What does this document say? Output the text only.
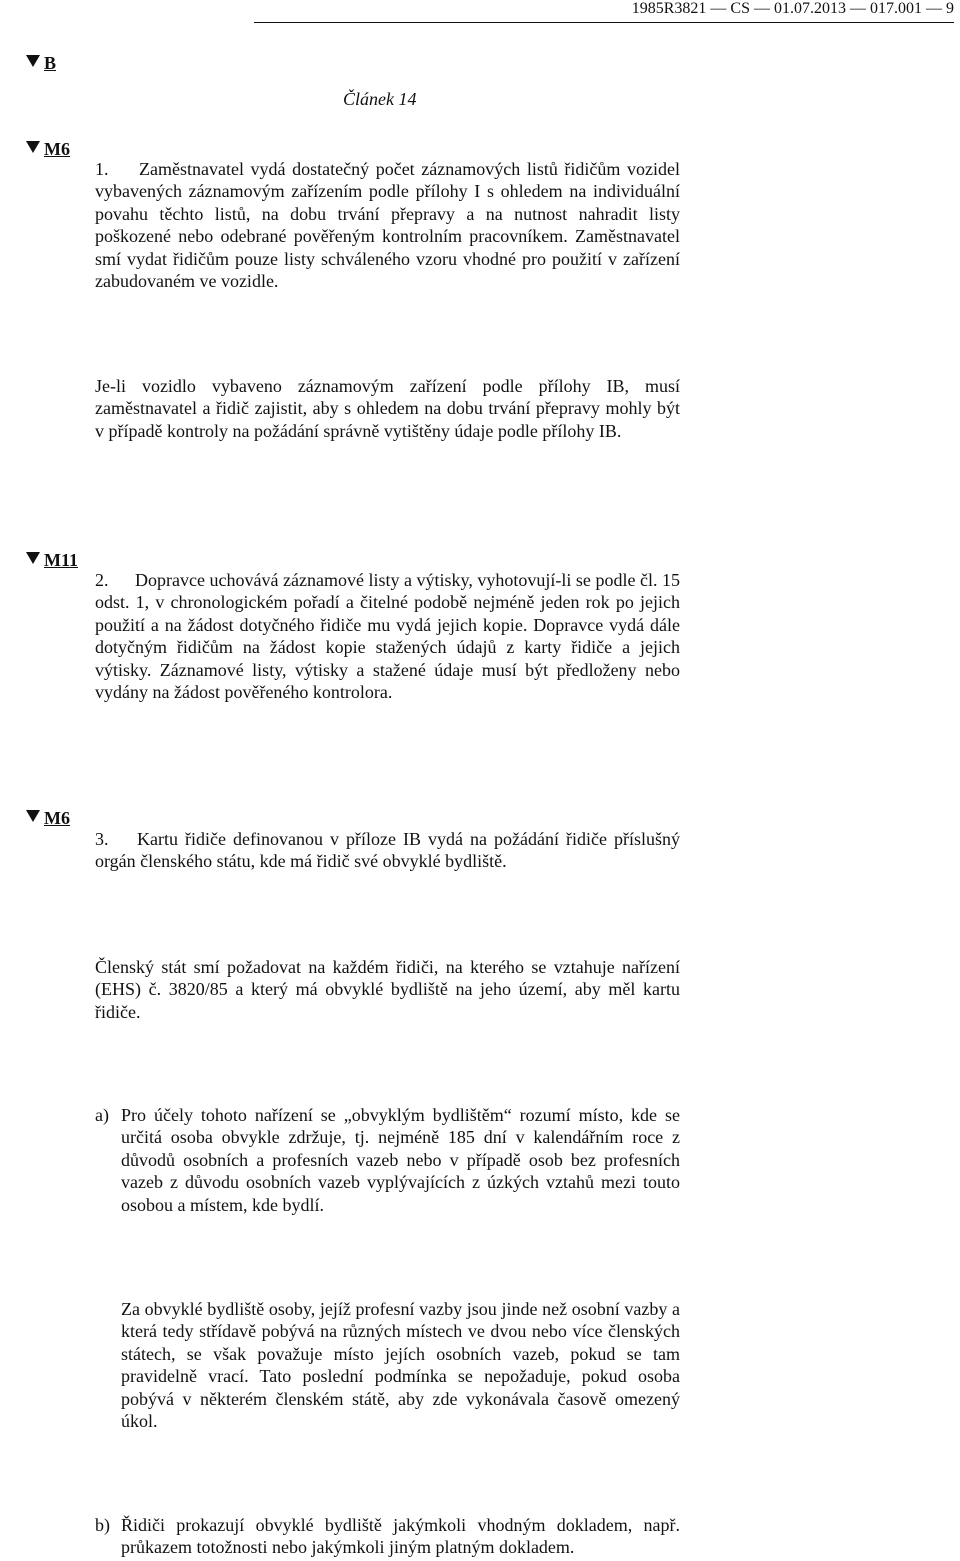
1985R3821 — CS — 01.07.2013 — 017.001 — 9
B
Článek 14
M6

1. Zaměstnavatel vydá dostatečný počet záznamových listů řidičům vozidel vybavených záznamovým zařízením podle přílohy I s ohledem na individuální povahu těchto listů, na dobu trvání přepravy a na nutnost nahradit listy poškozené nebo odebrané pověřeným kontrolním pracovníkem. Zaměstnavatel smí vydat řidičům pouze listy schváleného vzoru vhodné pro použití v zařízení zabudovaném ve vozidle.

Je-li vozidlo vybaveno záznamovým zařízení podle přílohy IB, musí zaměstnavatel a řidič zajistit, aby s ohledem na dobu trvání přepravy mohly být v případě kontroly na požádání správně vytištěny údaje podle přílohy IB.

M11

2. Dopravce uchovává záznamové listy a výtisky, vyhotovují-li se podle čl. 15 odst. 1, v chronologickém pořadí a čitelné podobě nejméně jeden rok po jejich použití a na žádost dotyčného řidiče mu vydá jejich kopie. Dopravce vydá dále dotyčným řidičům na žádost kopie stažených údajů z karty řidiče a jejich výtisky. Záznamové listy, výtisky a stažené údaje musí být předloženy nebo vydány na žádost pověřeného kontrolora.

M6

3. Kartu řidiče definovanou v příloze IB vydá na požádání řidiče příslušný orgán členského státu, kde má řidič své obvyklé bydliště.

Členský stát smí požadovat na každém řidiči, na kterého se vztahuje nařízení (EHS) č. 3820/85 a který má obvyklé bydliště na jeho území, aby měl kartu řidiče.

a) Pro účely tohoto nařízení se „obvyklým bydlištěm“ rozumí místo, kde se určitá osoba obvykle zdržuje, tj. nejméně 185 dní v kalendářním roce z důvodů osobních a profesních vazeb nebo v případě osob bez profesních vazeb z důvodu osobních vazeb vyplývajících z úzkých vztahů mezi touto osobou a místem, kde bydlí.
Za obvyklé bydliště osoby, jejíž profesní vazby jsou jinde než osobní vazby a která tedy střídavě pobývá na různých místech ve dvou nebo více členských státech, se však považuje místo jejích osobních vazeb, pokud se tam pravidelně vrací. Tato poslední podmínka se nepožaduje, pokud osoba pobývá v některém členském státě, aby zde vykonávala časově omezený úkol.
b) Řidiči prokazují obvyklé bydliště jakýmkoli vhodným dokladem, např. průkazem totožnosti nebo jakýmkoli jiným platným dokladem.
